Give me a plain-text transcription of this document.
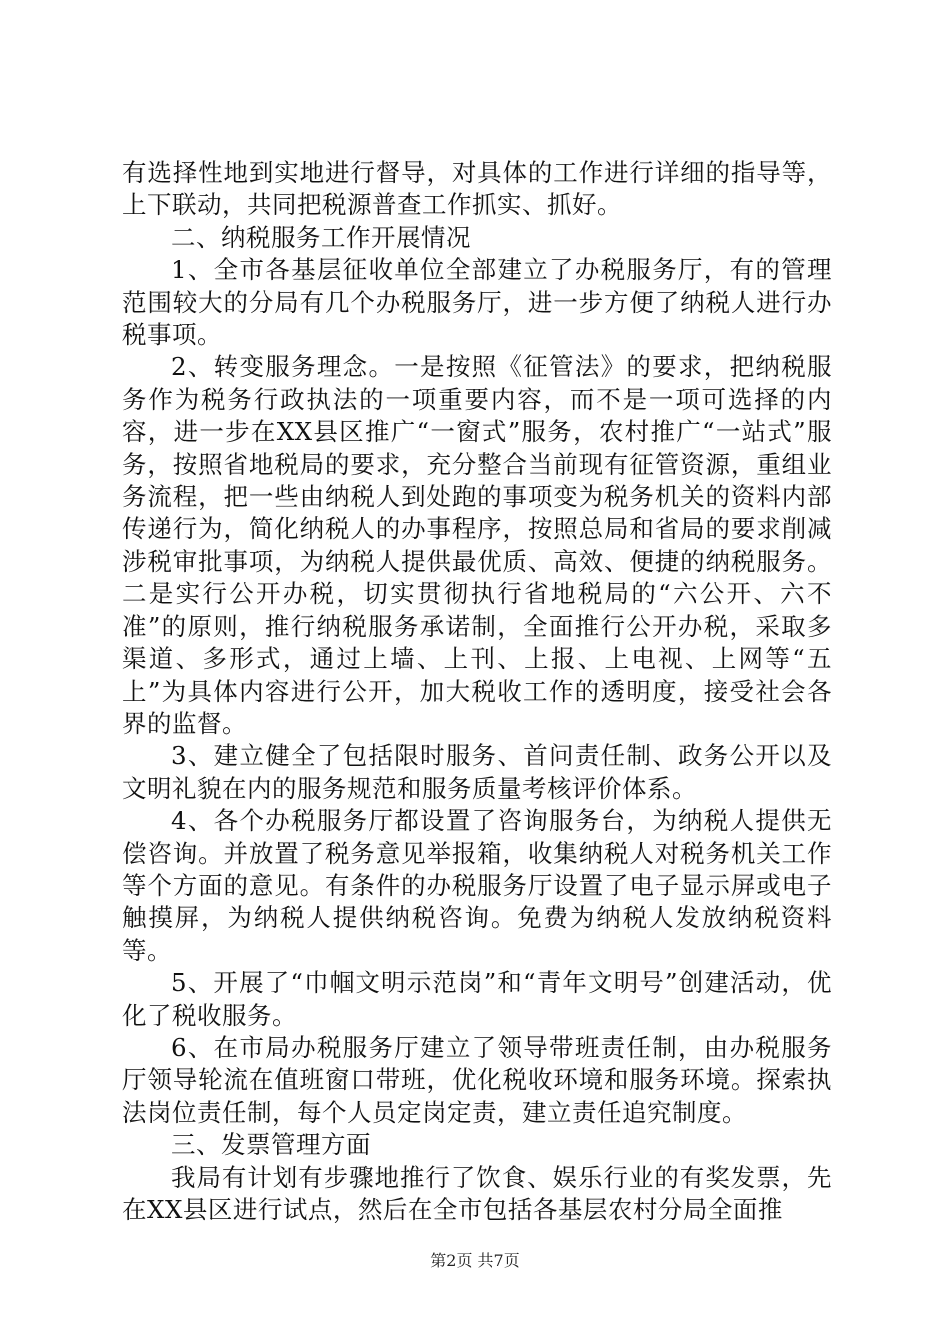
有选择性地到实地进行督导，对具体的工作进行详细的指导等，上下联动，共同把税源普查工作抓实、抓好。

二、纳税服务工作开展情况

1、全市各基层征收单位全部建立了办税服务厅，有的管理范围较大的分局有几个办税服务厅，进一步方便了纳税人进行办税事项。

2、转变服务理念。一是按照《征管法》的要求，把纳税服务作为税务行政执法的一项重要内容，而不是一项可选择的内容，进一步在XX县区推广“一窗式”服务，农村推广“一站式”服务，按照省地税局的要求，充分整合当前现有征管资源，重组业务流程，把一些由纳税人到处跑的事项变为税务机关的资料内部传递行为，简化纳税人的办事程序，按照总局和省局的要求削减涉税审批事项，为纳税人提供最优质、高效、便捷的纳税服务。二是实行公开办税，切实贯彻执行省地税局的“六公开、六不准”的原则，推行纳税服务承诺制，全面推行公开办税，采取多渠道、多形式，通过上墙、上刊、上报、上电视、上网等“五上”为具体内容进行公开，加大税收工作的透明度，接受社会各界的监督。

3、建立健全了包括限时服务、首问责任制、政务公开以及文明礼貌在内的服务规范和服务质量考核评价体系。

4、各个办税服务厅都设置了咨询服务台，为纳税人提供无偿咨询。并放置了税务意见举报箱，收集纳税人对税务机关工作等个方面的意见。有条件的办税服务厅设置了电子显示屏或电子触摸屏，为纳税人提供纳税咨询。免费为纳税人发放纳税资料等。

5、开展了“巾帼文明示范岗”和“青年文明号”创建活动，优化了税收服务。

6、在市局办税服务厅建立了领导带班责任制，由办税服务厅领导轮流在值班窗口带班，优化税收环境和服务环境。探索执法岗位责任制，每个人员定岗定责，建立责任追究制度。

三、发票管理方面

我局有计划有步骤地推行了饮食、娱乐行业的有奖发票，先在XX县区进行试点，然后在全市包括各基层农村分局全面推

第2页 共7页
